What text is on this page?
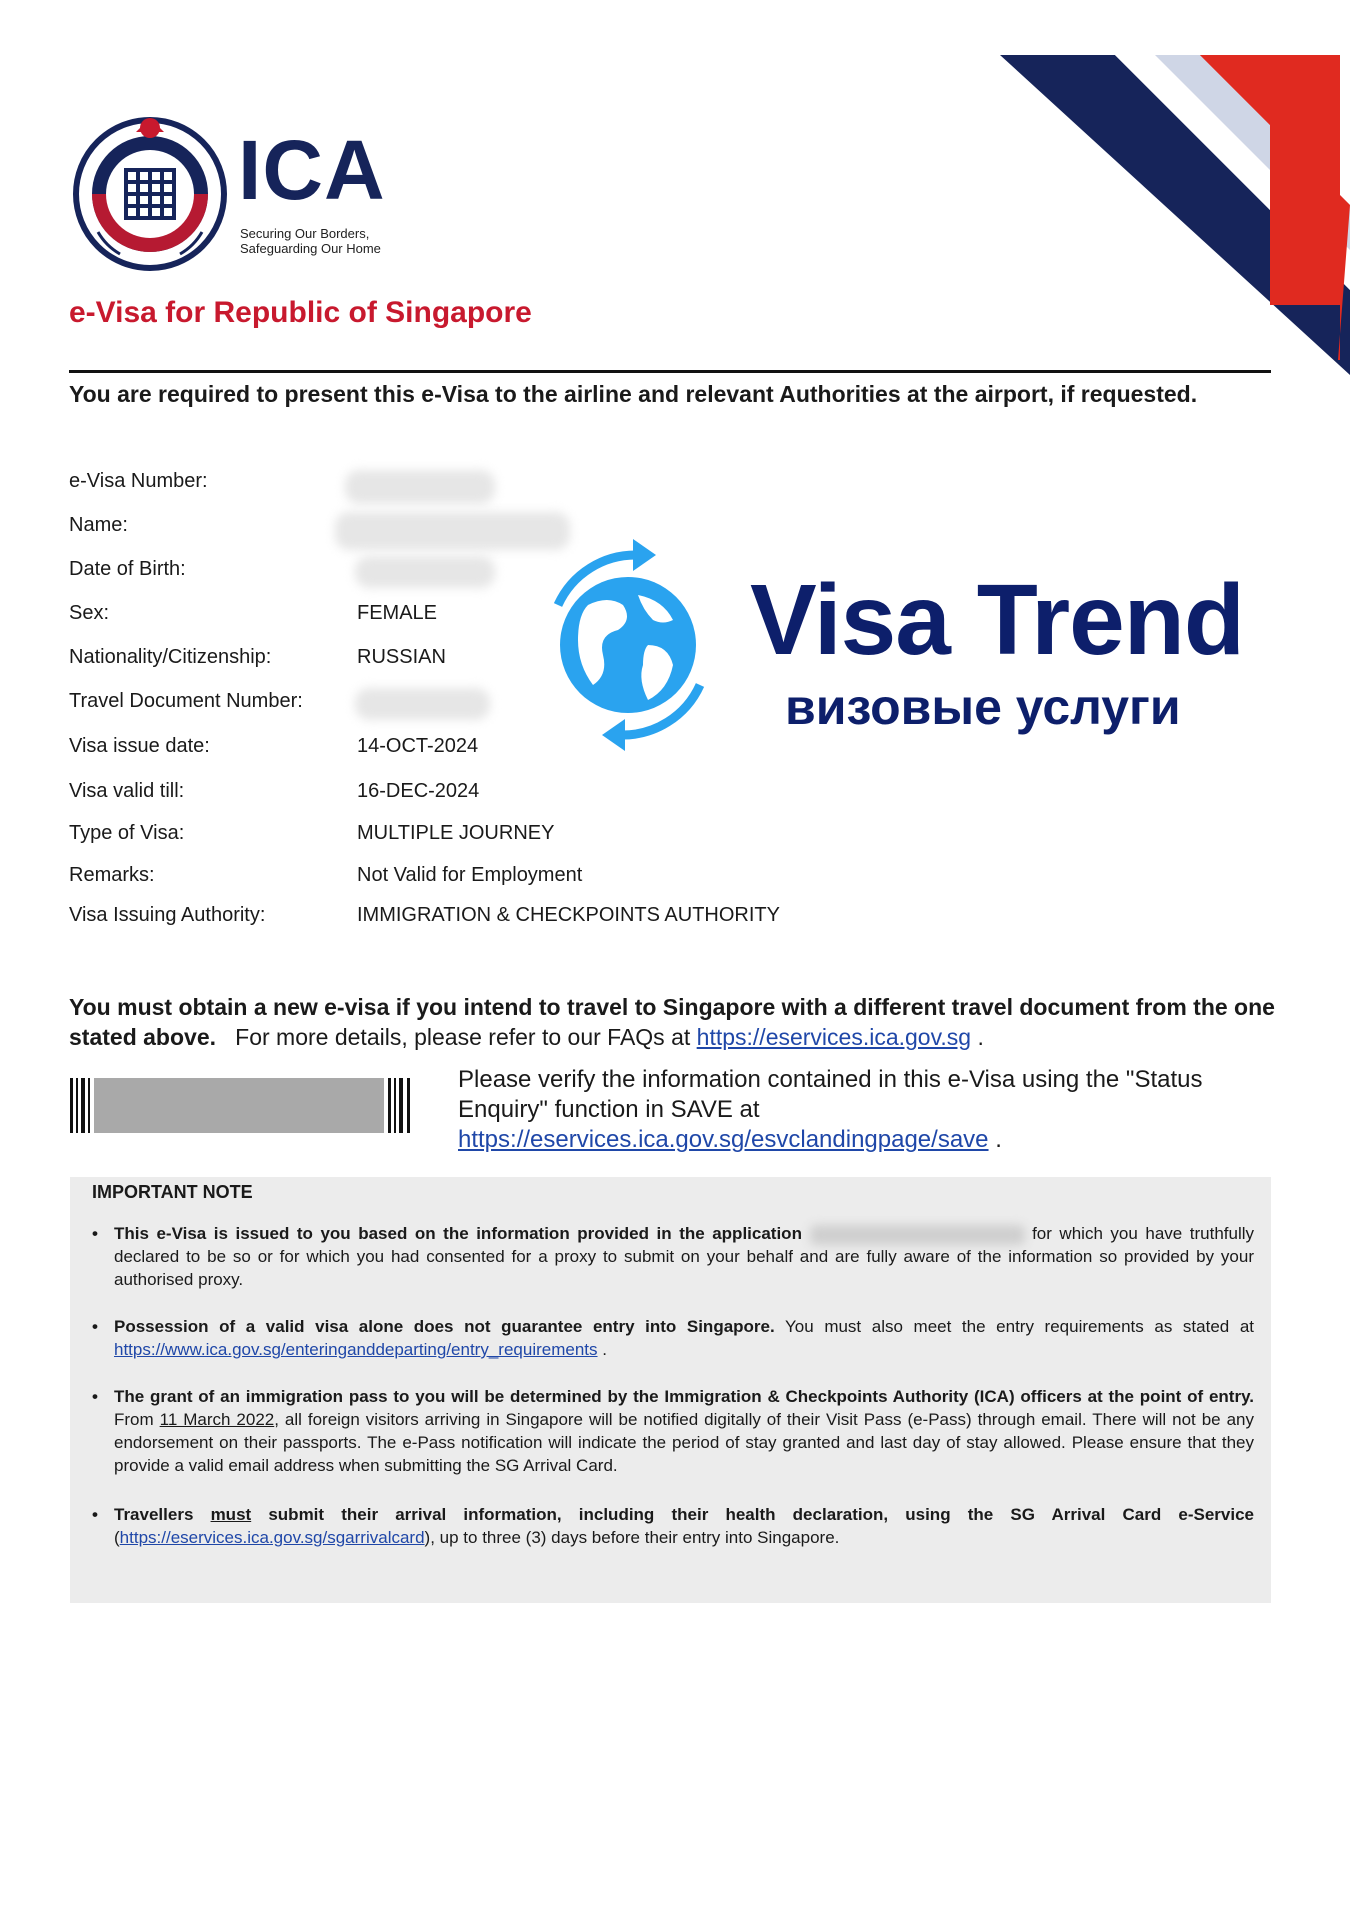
ICA
Securing Our Borders,
Safeguarding Our Home
e-Visa for Republic of Singapore
You are required to present this e-Visa to the airline and relevant Authorities at the airport, if requested.
e-Visa Number:
Name:
Date of Birth:
Sex:	FEMALE
Nationality/Citizenship:	RUSSIAN
Travel Document Number:
Visa issue date:	14-OCT-2024
Visa valid till:	16-DEC-2024
Type of Visa:	MULTIPLE JOURNEY
Remarks:	Not Valid for Employment
Visa Issuing Authority:	IMMIGRATION & CHECKPOINTS AUTHORITY
Visa Trend
визовые услуги
You must obtain a new e-visa if you intend to travel to Singapore with a different travel document from the one stated above. For more details, please refer to our FAQs at https://eservices.ica.gov.sg .
Please verify the information contained in this e-Visa using the "Status Enquiry" function in SAVE at
https://eservices.ica.gov.sg/esvclandingpage/save .
IMPORTANT NOTE
• This e-Visa is issued to you based on the information provided in the application	for which you have truthfully declared to be so or for which you had consented for a proxy to submit on your behalf and are fully aware of the information so provided by your authorised proxy.
• Possession of a valid visa alone does not guarantee entry into Singapore. You must also meet the entry requirements as stated at https://www.ica.gov.sg/enteringanddeparting/entry_requirements .
• The grant of an immigration pass to you will be determined by the Immigration & Checkpoints Authority (ICA) officers at the point of entry. From 11 March 2022, all foreign visitors arriving in Singapore will be notified digitally of their Visit Pass (e-Pass) through email. There will not be any endorsement on their passports. The e-Pass notification will indicate the period of stay granted and last day of stay allowed. Please ensure that they provide a valid email address when submitting the SG Arrival Card.
• Travellers must submit their arrival information, including their health declaration, using the SG Arrival Card e-Service (https://eservices.ica.gov.sg/sgarrivalcard), up to three (3) days before their entry into Singapore.
